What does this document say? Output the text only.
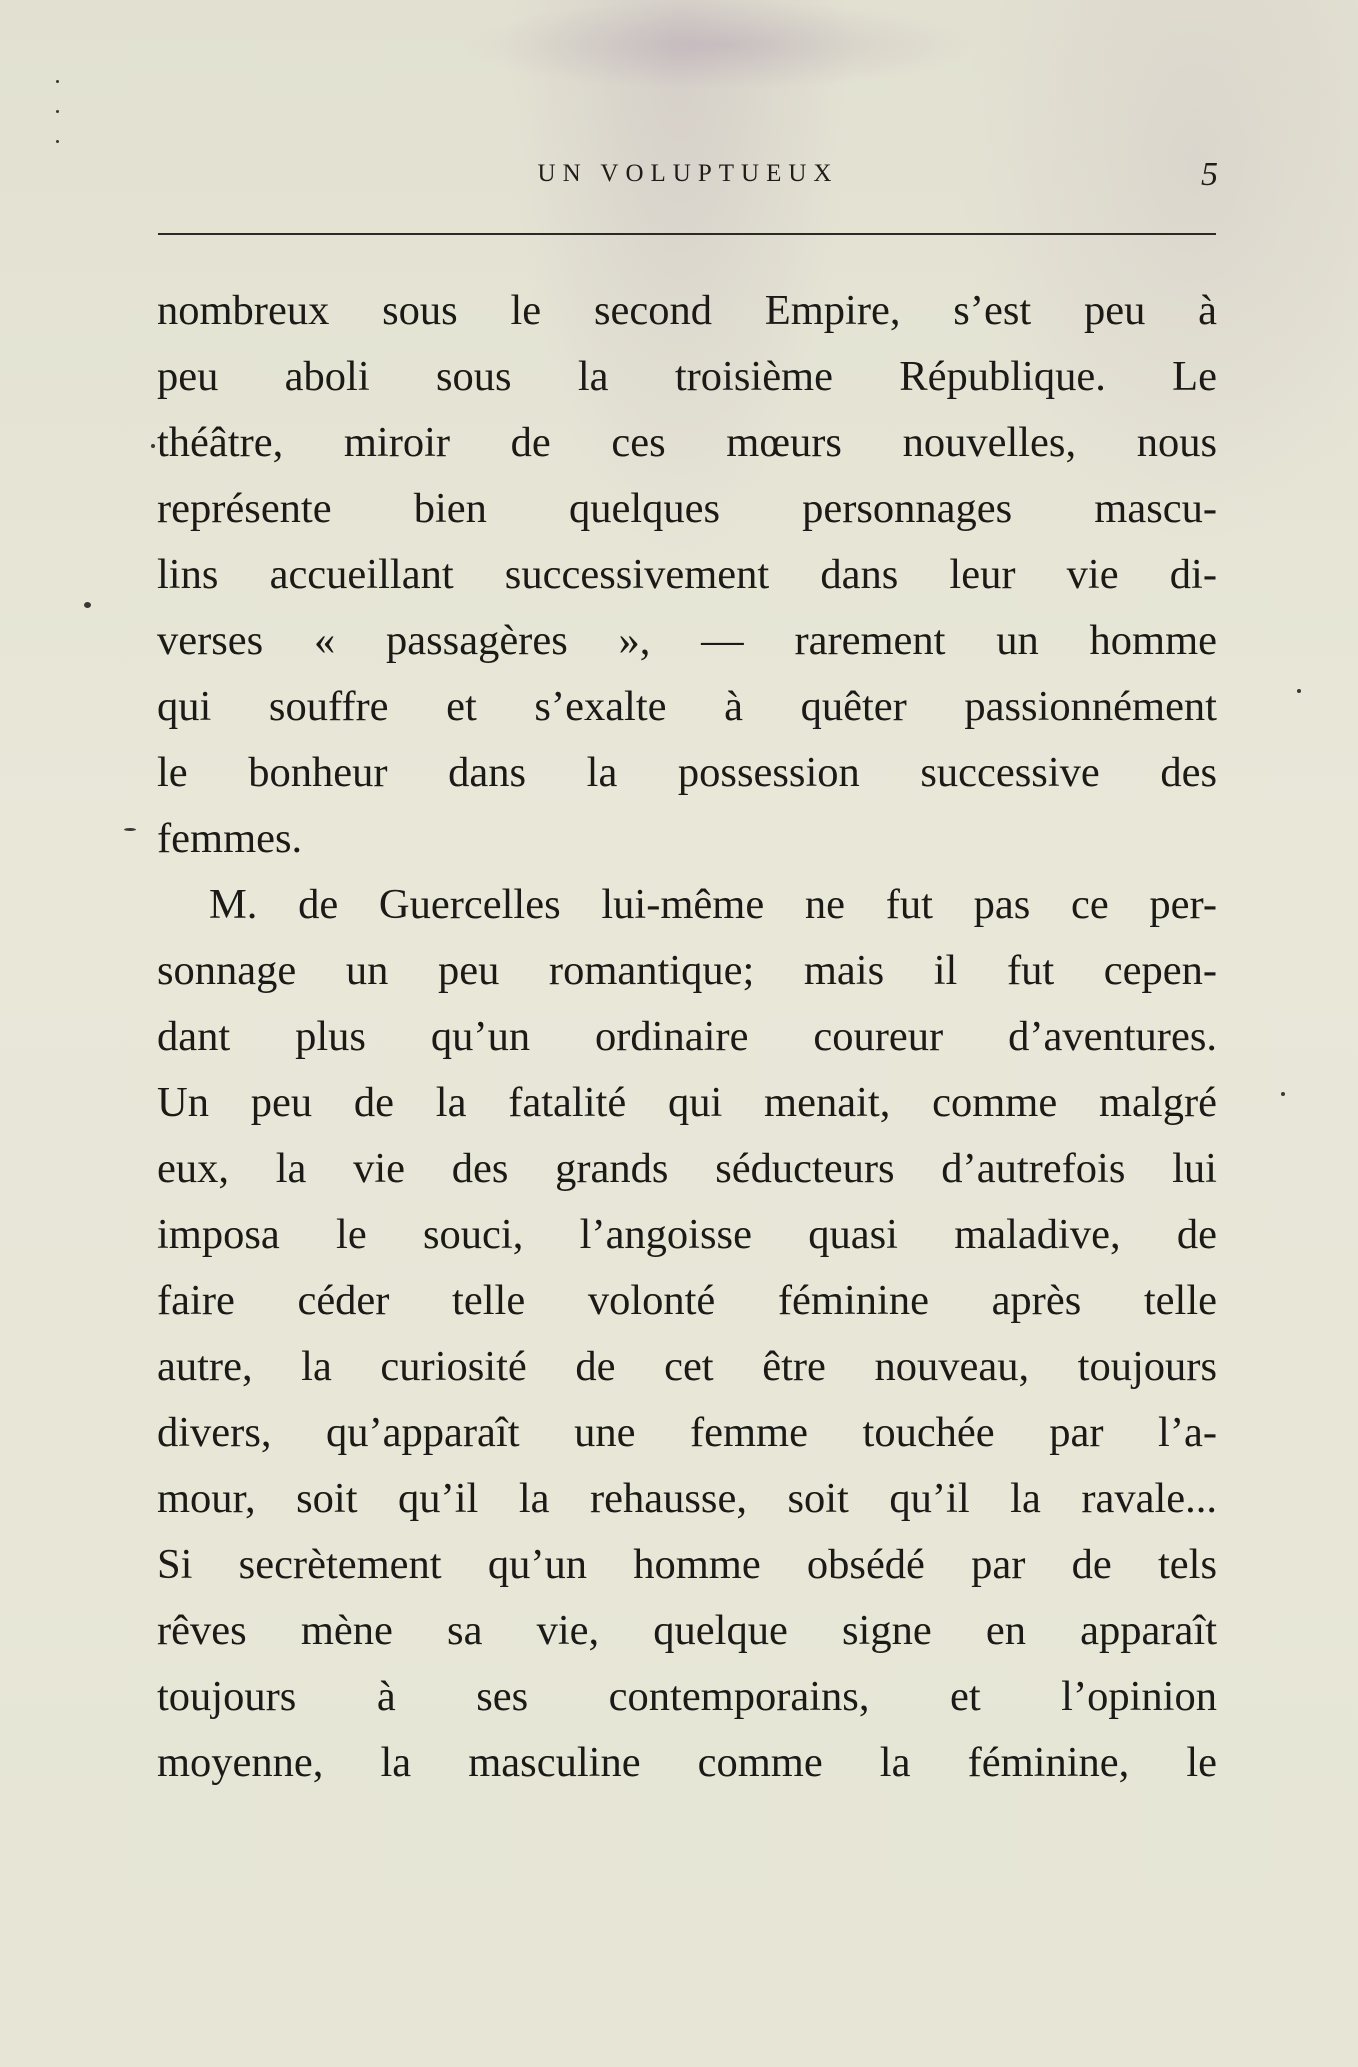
UN VOLUPTUEUX	5
nombreux sous le second Empire, s’est peu à
peu aboli sous la troisième République. Le
théâtre, miroir de ces mœurs nouvelles, nous
représente bien quelques personnages mascu-
lins accueillant successivement dans leur vie di-
verses « passagères », — rarement un homme
qui souffre et s’exalte à quêter passionnément
le bonheur dans la possession successive des
femmes.
M. de Guercelles lui-même ne fut pas ce per-
sonnage un peu romantique; mais il fut cepen-
dant plus qu’un ordinaire coureur d’aventures.
Un peu de la fatalité qui menait, comme malgré
eux, la vie des grands séducteurs d’autrefois lui
imposa le souci, l’angoisse quasi maladive, de
faire céder telle volonté féminine après telle
autre, la curiosité de cet être nouveau, toujours
divers, qu’apparaît une femme touchée par l’a-
mour, soit qu’il la rehausse, soit qu’il la ravale...
Si secrètement qu’un homme obsédé par de tels
rêves mène sa vie, quelque signe en apparaît
toujours à ses contemporains, et l’opinion
moyenne, la masculine comme la féminine, le
